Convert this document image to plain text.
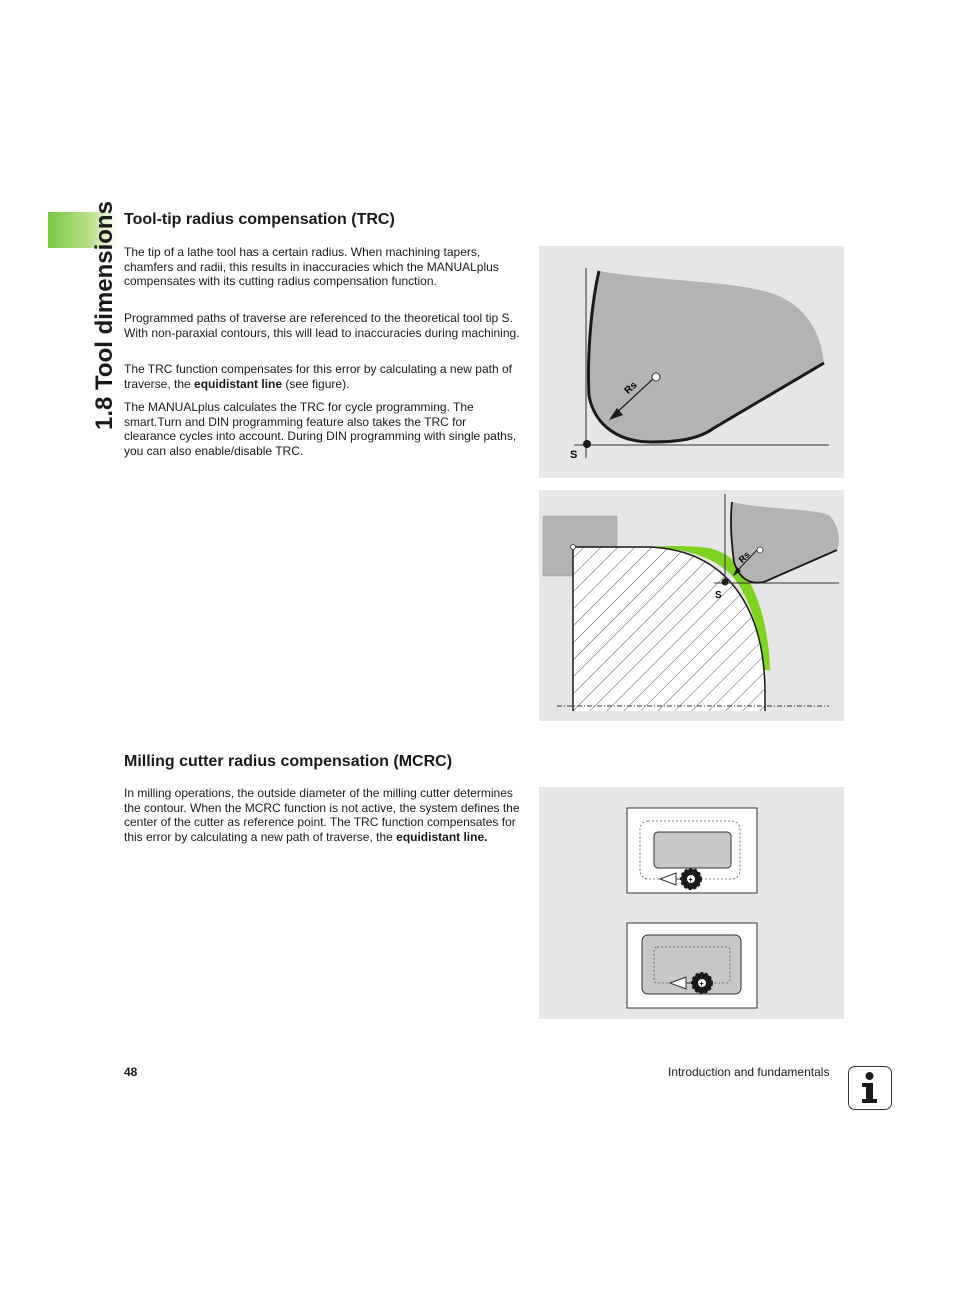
1.8 Tool dimensions Tool-tip radius compensation (TRC)

The tip of a lathe tool has a certain radius. When machining tapers, chamfers and radii, this results in inaccuracies which the MANUALplus compensates with its cutting radius compensation function.

Programmed paths of traverse are referenced to the theoretical tool tip S. With non-paraxial contours, this will lead to inaccuracies during machining.

The TRC function compensates for this error by calculating a new path of traverse, the equidistant line (see figure).

The MANUALplus calculates the TRC for cycle programming. The smart.Turn and DIN programming feature also takes the TRC for clearance cycles into account. During DIN programming with single paths, you can also enable/disable TRC.

Rs
S
Rs
S
Milling cutter radius compensation (MCRC)

In milling operations, the outside diameter of the milling cutter determines the contour. When the MCRC function is not active, the system defines the center of the cutter as reference point. The TRC function compensates for this error by calculating a new path of traverse, the equidistant line.

+
+
48	Introduction and fundamentals
